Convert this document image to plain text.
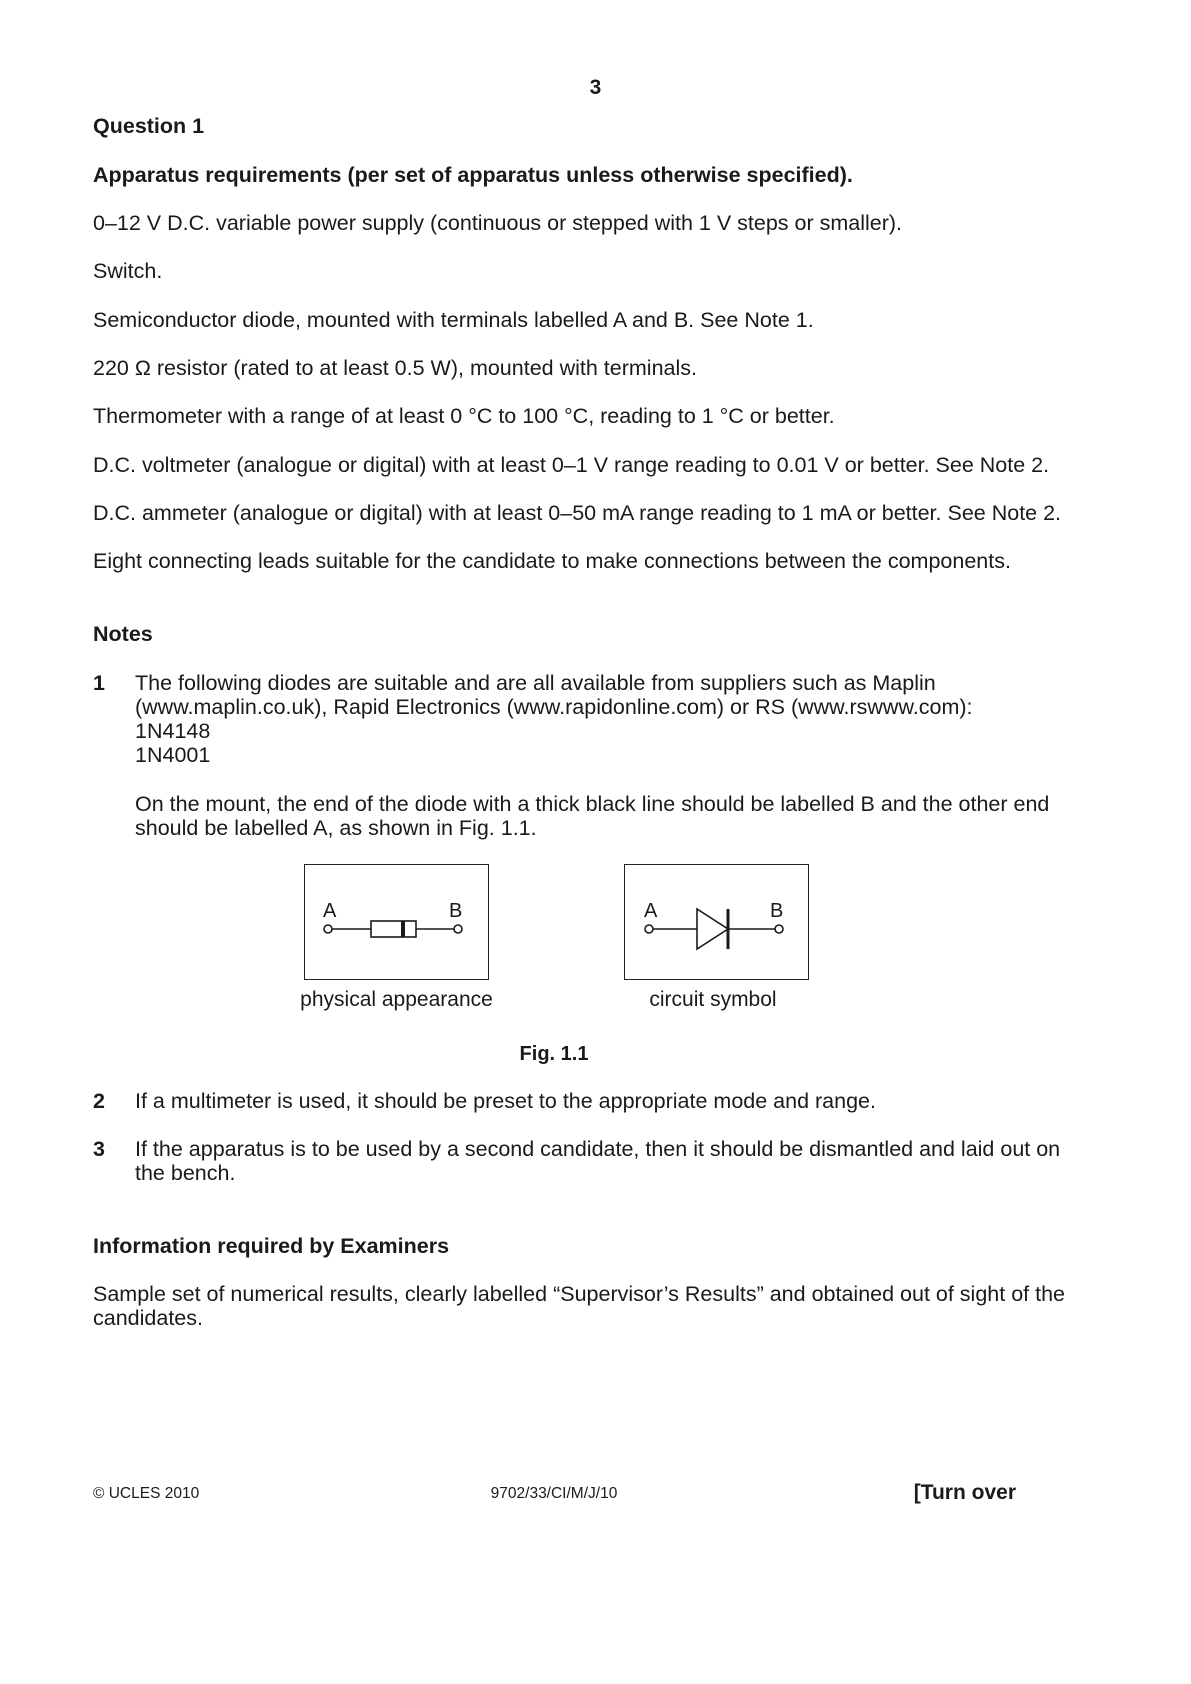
3

Question 1

Apparatus requirements (per set of apparatus unless otherwise specified).

0–12 V D.C. variable power supply (continuous or stepped with 1 V steps or smaller).

Switch.

Semiconductor diode, mounted with terminals labelled A and B. See Note 1.

220 Ω resistor (rated to at least 0.5 W), mounted with terminals.

Thermometer with a range of at least 0 °C to 100 °C, reading to 1 °C or better.

D.C. voltmeter (analogue or digital) with at least 0–1 V range reading to 0.01 V or better. See Note 2.

D.C. ammeter (analogue or digital) with at least 0–50 mA range reading to 1 mA or better. See Note 2.

Eight connecting leads suitable for the candidate to make connections between the components.

Notes

1 The following diodes are suitable and are all available from suppliers such as Maplin

(www.maplin.co.uk), Rapid Electronics (www.rapidonline.com) or RS (www.rswww.com):

1N4148

1N4001

On the mount, the end of the diode with a thick black line should be labelled B and the other end

should be labelled A, as shown in Fig. 1.1.

A	B
physical appearance
A	B
circuit symbol

Fig. 1.1

2 If a multimeter is used, it should be preset to the appropriate mode and range.

3 If the apparatus is to be used by a second candidate, then it should be dismantled and laid out on

the bench.

Information required by Examiners

Sample set of numerical results, clearly labelled “Supervisor’s Results” and obtained out of sight of the

candidates.

© UCLES 2010	9702/33/CI/M/J/10	[Turn over
